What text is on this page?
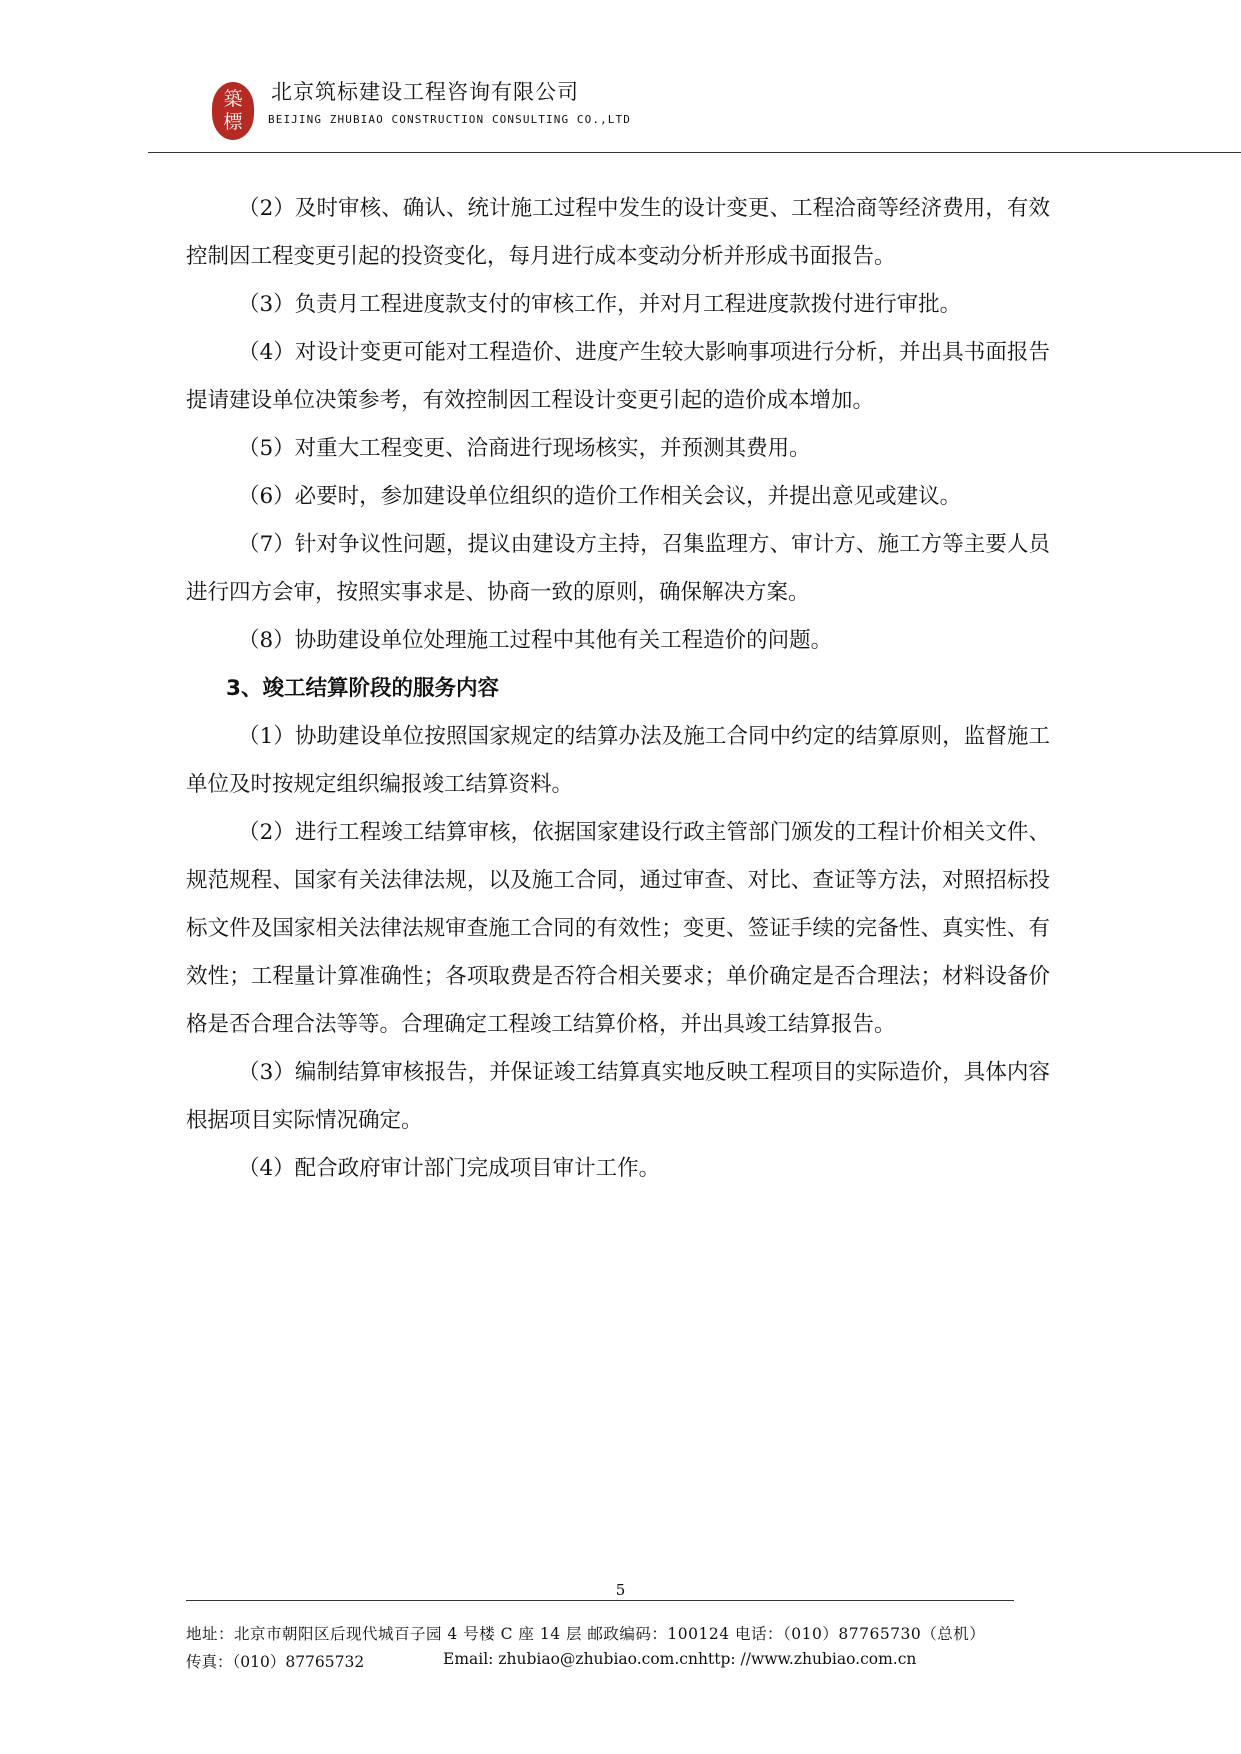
築
標
北京筑标建设工程咨询有限公司
BEIJING ZHUBIAO CONSTRUCTION CONSULTING CO.,LTD

（2）及时审核、确认、统计施工过程中发生的设计变更、工程洽商等经济费用，有效控制因工程变更引起的投资变化，每月进行成本变动分析并形成书面报告。

（3）负责月工程进度款支付的审核工作，并对月工程进度款拨付进行审批。

（4）对设计变更可能对工程造价、进度产生较大影响事项进行分析，并出具书面报告提请建设单位决策参考，有效控制因工程设计变更引起的造价成本增加。

（5）对重大工程变更、洽商进行现场核实，并预测其费用。

（6）必要时，参加建设单位组织的造价工作相关会议，并提出意见或建议。

（7）针对争议性问题，提议由建设方主持，召集监理方、审计方、施工方等主要人员进行四方会审，按照实事求是、协商一致的原则，确保解决方案。

（8）协助建设单位处理施工过程中其他有关工程造价的问题。

3、竣工结算阶段的服务内容

（1）协助建设单位按照国家规定的结算办法及施工合同中约定的结算原则，监督施工单位及时按规定组织编报竣工结算资料。

（2）进行工程竣工结算审核，依据国家建设行政主管部门颁发的工程计价相关文件、规范规程、国家有关法律法规，以及施工合同，通过审查、对比、查证等方法，对照招标投标文件及国家相关法律法规审查施工合同的有效性；变更、签证手续的完备性、真实性、有效性；工程量计算准确性；各项取费是否符合相关要求；单价确定是否合理法；材料设备价格是否合理合法等等。合理确定工程竣工结算价格，并出具竣工结算报告。

（3）编制结算审核报告，并保证竣工结算真实地反映工程项目的实际造价，具体内容根据项目实际情况确定。

（4）配合政府审计部门完成项目审计工作。

5
地址：北京市朝阳区后现代城百子园 4 号楼 C 座 14 层 邮政编码：100124 电话：（010）87765730（总机）
传真：（010）87765732	Email: zhubiao@zhubiao.com.cn http: //www.zhubiao.com.cn
